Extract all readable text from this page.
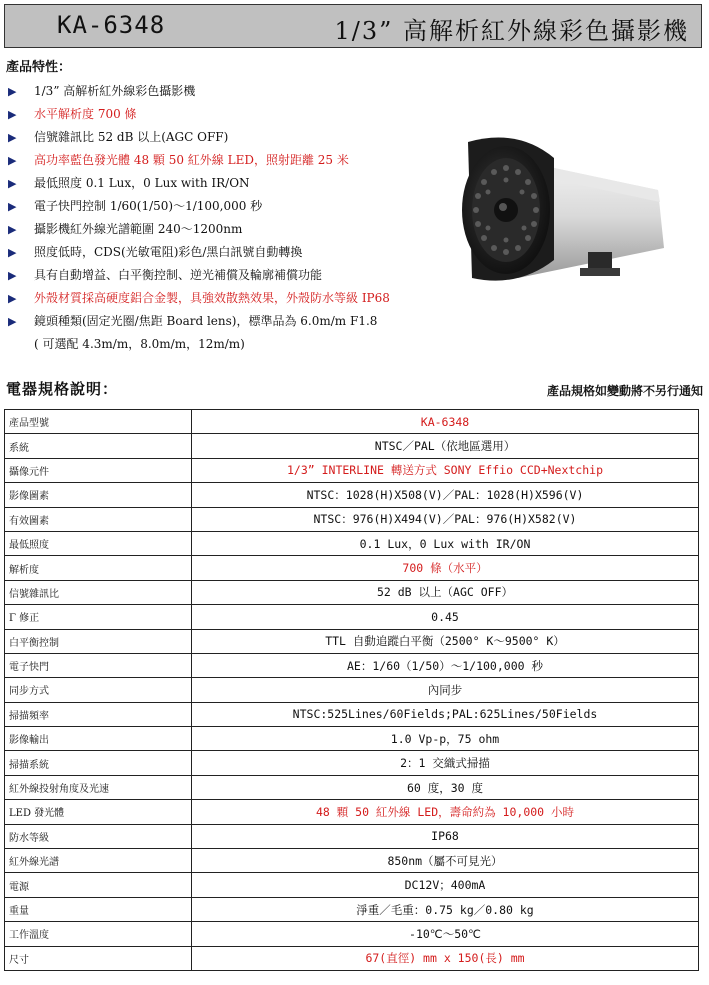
KA-6348	1/3” 高解析紅外線彩色攝影機
產品特性：
▶ 1/3” 高解析紅外線彩色攝影機
▶ 水平解析度 700 條
▶ 信號雜訊比 52 dB 以上(AGC OFF)
▶ 高功率藍色發光體 48 顆 50 紅外線 LED，照射距離 25 米
▶ 最低照度 0.1 Lux，0 Lux with IR/ON
▶ 電子快門控制 1/60(1/50)～1/100,000 秒
▶ 攝影機紅外線光譜範圍 240～1200nm
▶ 照度低時，CDS(光敏電阻)彩色/黑白訊號自動轉換
▶ 具有自動增益、白平衡控制、逆光補償及輪廓補償功能
▶ 外殼材質採高硬度鋁合金製，具強效散熱效果，外殼防水等級 IP68
▶ 鏡頭種類(固定光圈/焦距 Board lens)，標準品為 6.0m/m F1.8
( 可選配 4.3m/m，8.0m/m，12m/m)
電器規格說明：	產品規格如變動將不另行通知
產品型號	KA-6348
系統	NTSC／PAL（依地區選用）
攝像元件	1/3” INTERLINE 轉送方式 SONY Effio CCD+Nextchip
影像圖素	NTSC：1028(H)X508(V)／PAL：1028(H)X596(V)
有效圖素	NTSC：976(H)X494(V)／PAL：976(H)X582(V)
最低照度	0.1 Lux，0 Lux with IR/ON
解析度	700 條（水平）
信號雜訊比	52 dB 以上（AGC OFF）
Γ 修正	0.45
白平衡控制	TTL 自動追蹤白平衡（2500° K～9500° K）
電子快門	AE：1/60（1/50）～1/100,000 秒
同步方式	內同步
掃描頻率	NTSC:525Lines/60Fields;PAL:625Lines/50Fields
影像輸出	1.0 Vp-p，75 ohm
掃描系統	2：1 交織式掃描
紅外線投射角度及光速	60 度，30 度
LED 發光體	48 顆 50 紅外線 LED，壽命約為 10,000 小時
防水等級	IP68
紅外線光譜	850nm（屬不可見光）
電源	DC12V；400mA
重量	淨重／毛重：0.75 kg／0.80 kg
工作溫度	-10℃～50℃
尺寸	67(直徑) mm x 150(長) mm
